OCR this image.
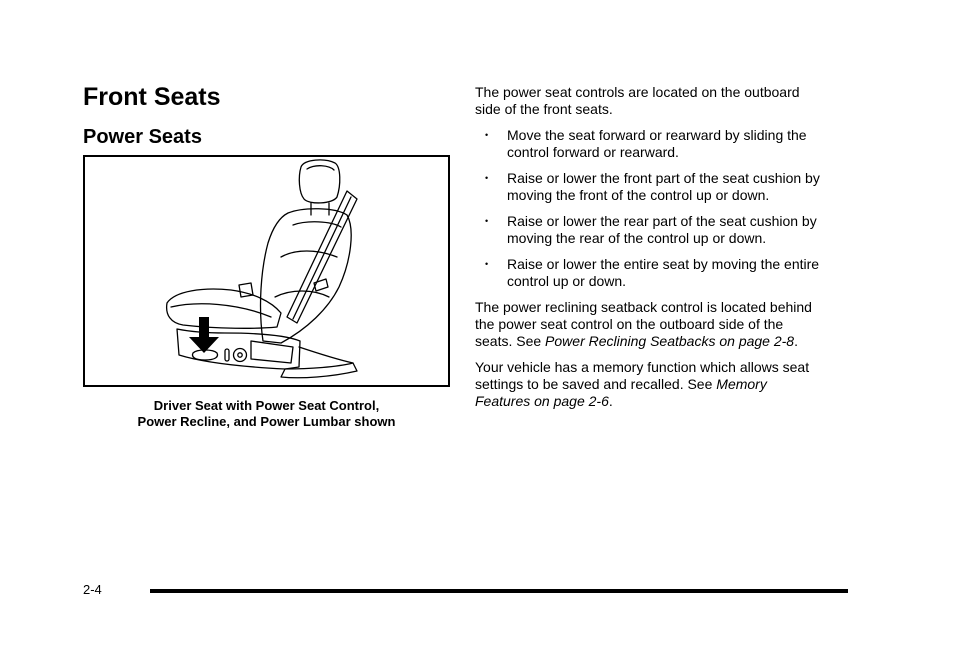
Front Seats
Power Seats

Driver Seat with Power Seat Control,
Power Recline, and Power Lumbar shown

The power seat controls are located on the outboard
side of the front seats.

• Move the seat forward or rearward by sliding the
control forward or rearward.
• Raise or lower the front part of the seat cushion by
moving the front of the control up or down.
• Raise or lower the rear part of the seat cushion by
moving the rear of the control up or down.
• Raise or lower the entire seat by moving the entire
control up or down.

The power reclining seatback control is located behind
the power seat control on the outboard side of the
seats. See Power Reclining Seatbacks on page 2-8.

Your vehicle has a memory function which allows seat
settings to be saved and recalled. See Memory
Features on page 2-6.

2-4
